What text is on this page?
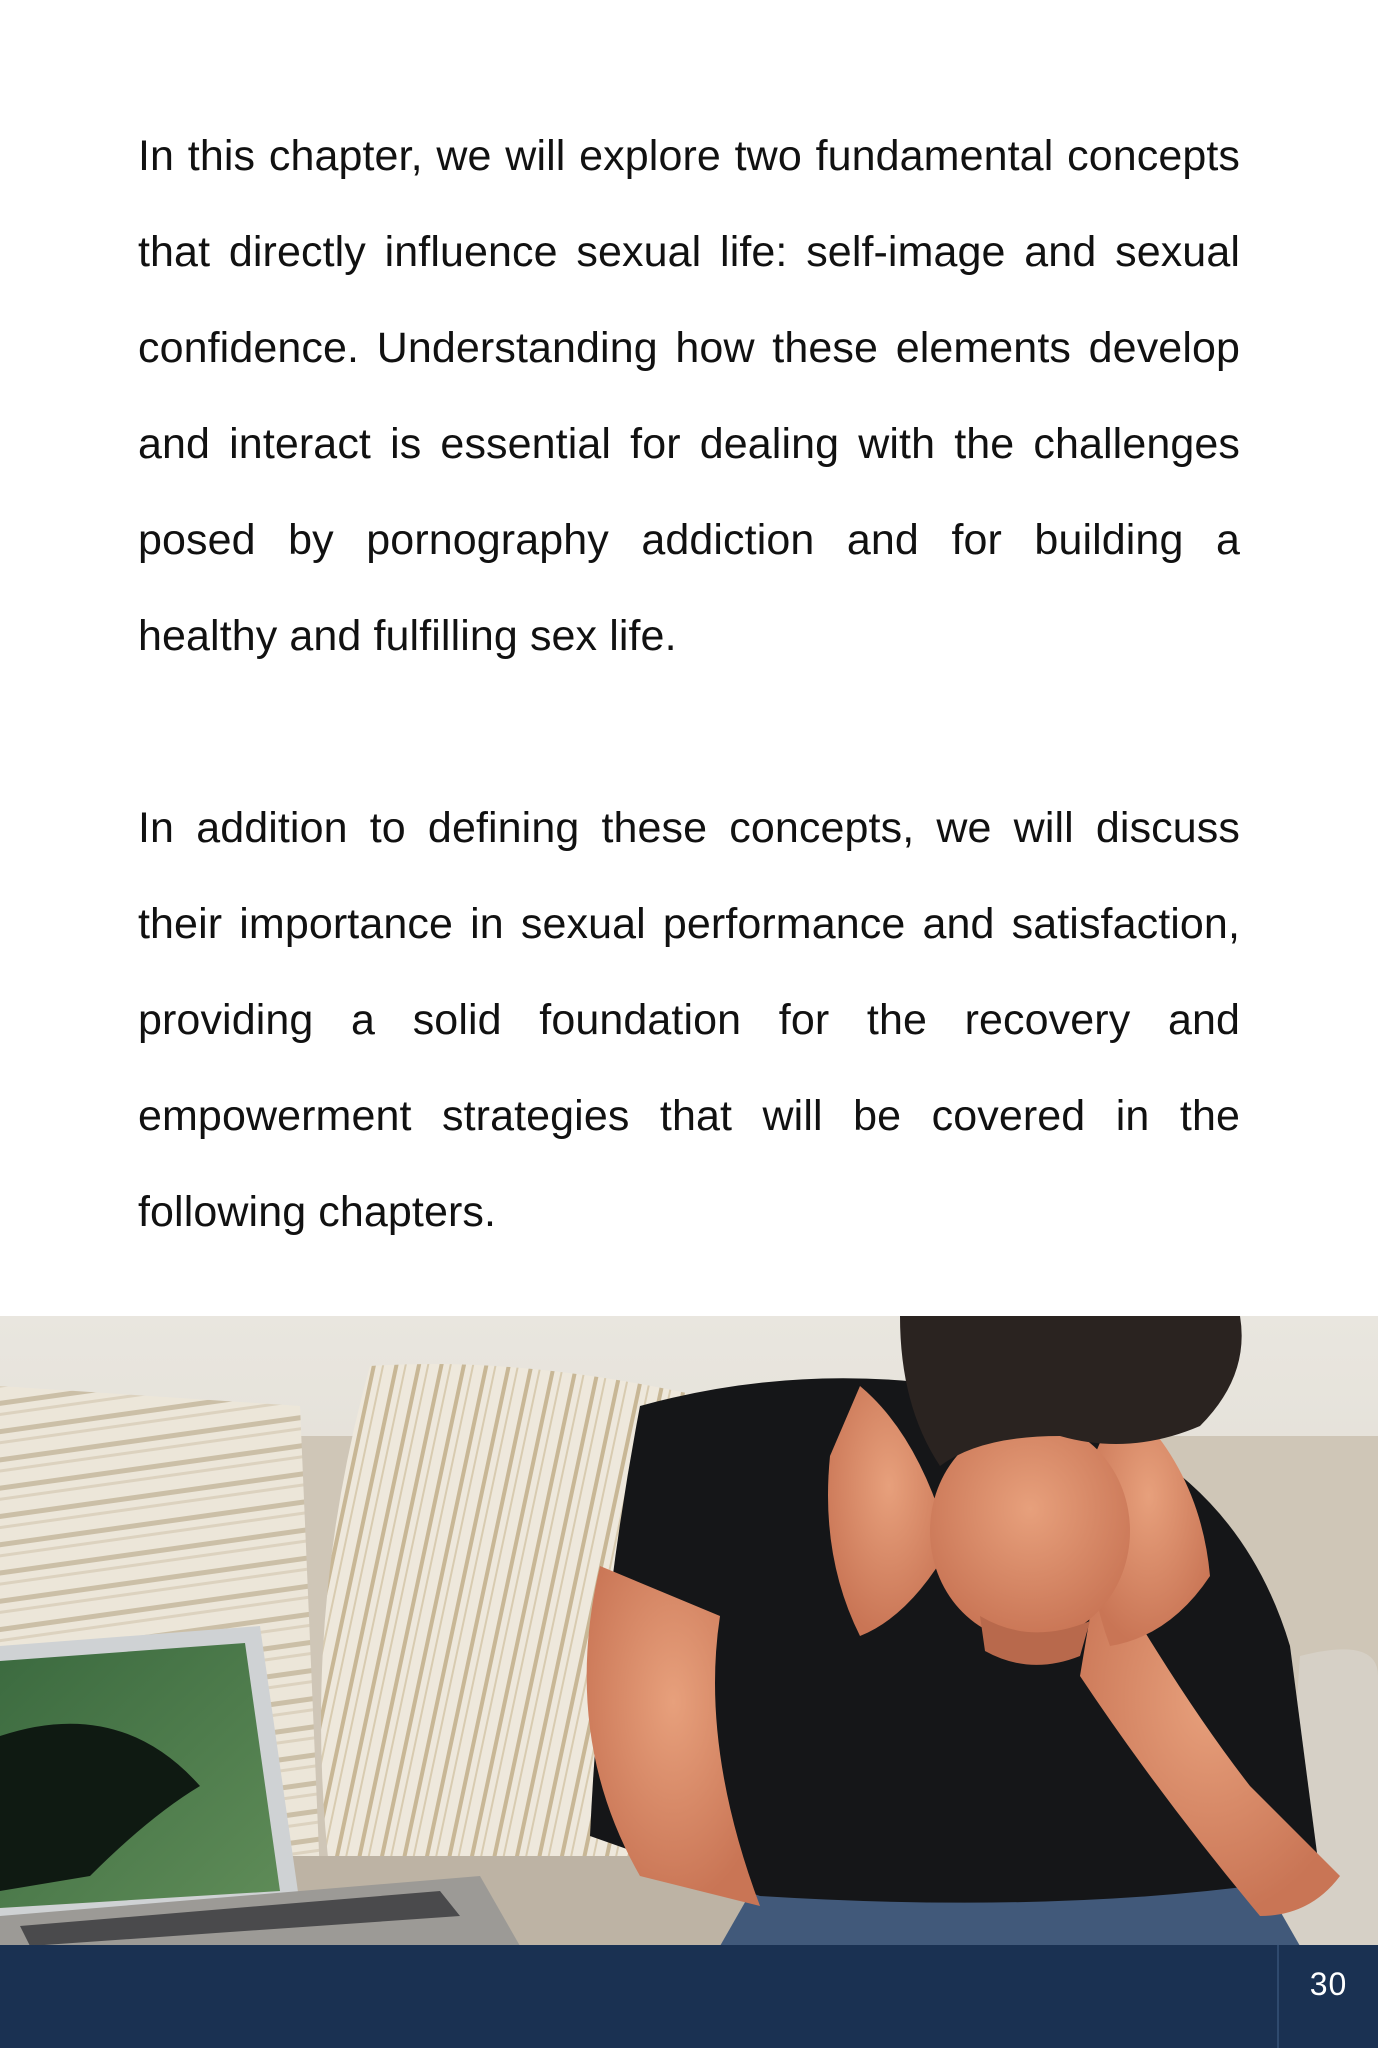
In this chapter, we will explore two fundamental concepts that directly influence sexual life: self-image and sexual confidence. Understanding how these elements develop and interact is essential for dealing with the challenges posed by pornography addiction and for building a healthy and fulfilling sex life.

In addition to defining these concepts, we will discuss their importance in sexual performance and satisfaction, providing a solid foundation for the recovery and empowerment strategies that will be covered in the following chapters.

30
